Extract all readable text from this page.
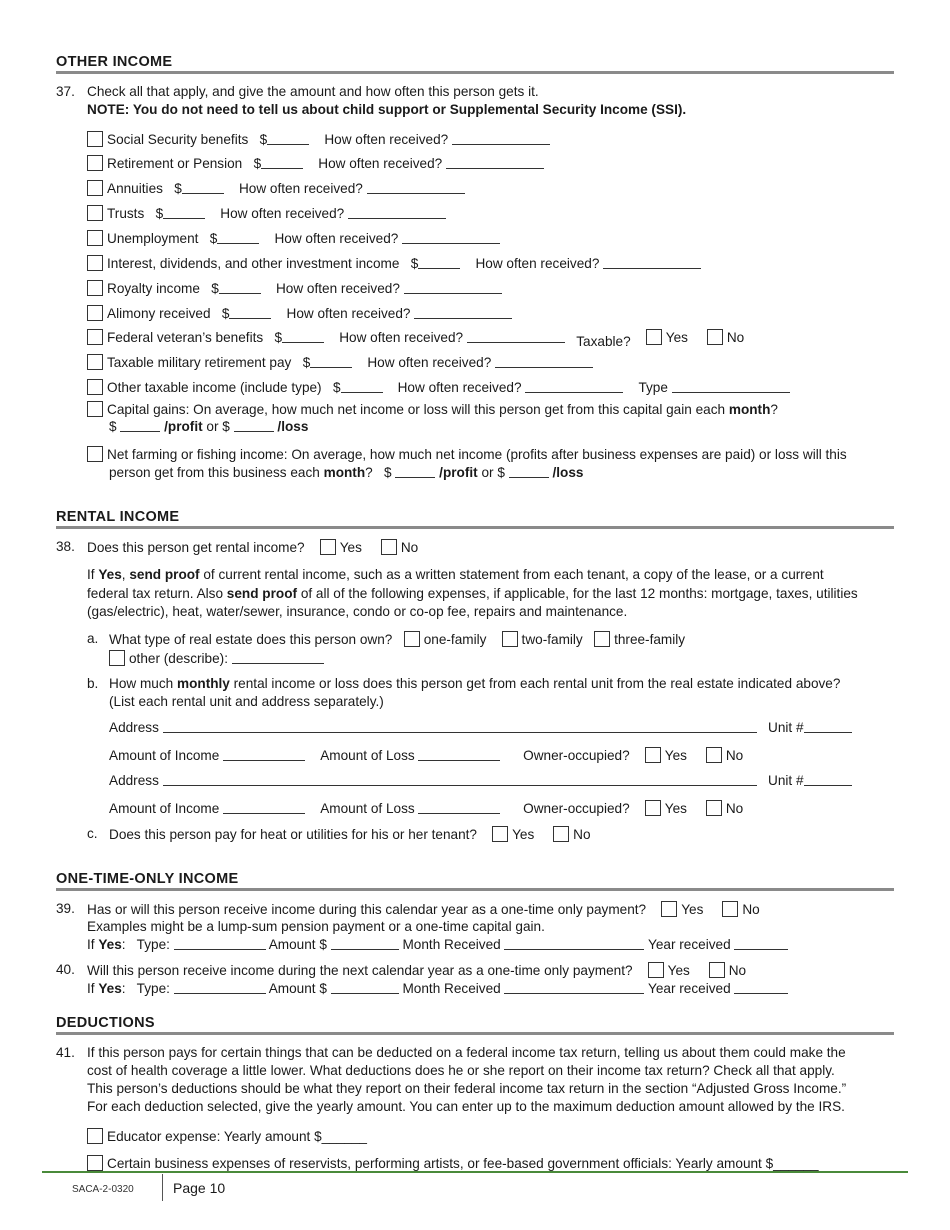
OTHER INCOME
37. Check all that apply, and give the amount and how often this person gets it.
NOTE: You do not need to tell us about child support or Supplemental Security Income (SSI).
Social Security benefits $	How often received?
Retirement or Pension $	How often received?
Annuities $	How often received?
Trusts $	How often received?
Unemployment $	How often received?
Interest, dividends, and other investment income $	How often received?
Royalty income $	How often received?
Alimony received $	How often received?
Federal veteran’s benefits $	How often received?	Taxable?	Yes	No
Taxable military retirement pay $	How often received?
Other taxable income (include type) $	How often received?	Type
Capital gains: On average, how much net income or loss will this person get from this capital gain each month?
$	/profit or $	/loss
Net farming or fishing income: On average, how much net income (profits after business expenses are paid) or loss will this
person get from this business each month? $	/profit or $	/loss
RENTAL INCOME
38. Does this person get rental income?	Yes	No
If Yes, send proof of current rental income, such as a written statement from each tenant, a copy of the lease, or a current
federal tax return. Also send proof of all of the following expenses, if applicable, for the last 12 months: mortgage, taxes, utilities
(gas/electric), heat, water/sewer, insurance, condo or co-op fee, repairs and maintenance.
a. What type of real estate does this person own? one-family	two-family three-family
other (describe):
b. How much monthly rental income or loss does this person get from each rental unit from the real estate indicated above?
(List each rental unit and address separately.)
Address	Unit #
Amount of Income	Amount of Loss	Owner-occupied?	Yes	No
Address	Unit #
Amount of Income	Amount of Loss	Owner-occupied?	Yes	No
c. Does this person pay for heat or utilities for his or her tenant?	Yes	No
ONE-TIME-ONLY INCOME
39. Has or will this person receive income during this calendar year as a one-time only payment?	Yes	No
Examples might be a lump-sum pension payment or a one-time capital gain.
If Yes: Type:	Amount $	Month Received	Year received
40. Will this person receive income during the next calendar year as a one-time only payment?	Yes	No
If Yes: Type:	Amount $	Month Received	Year received
DEDUCTIONS
41. If this person pays for certain things that can be deducted on a federal income tax return, telling us about them could make the
cost of health coverage a little lower. What deductions does he or she report on their income tax return? Check all that apply.
This person’s deductions should be what they report on their federal income tax return in the section “Adjusted Gross Income.”
For each deduction selected, give the yearly amount. You can enter up to the maximum deduction amount allowed by the IRS.
Educator expense: Yearly amount $______
Certain business expenses of reservists, performing artists, or fee-based government officials: Yearly amount $______
SACA-2-0320	Page 10
